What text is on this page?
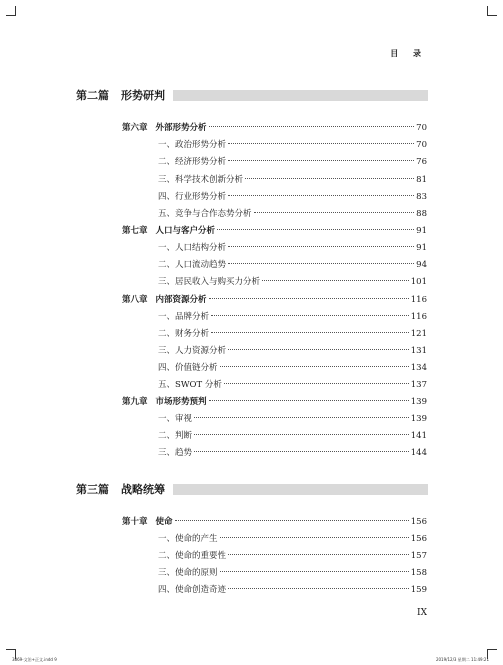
目 录
第二篇 形势研判
第六章 外部形势分析	70
一、政治形势分析	70
二、经济形势分析	76
三、科学技术创新分析	81
四、行业形势分析	83
五、竞争与合作态势分析	88
第七章 人口与客户分析	91
一、人口结构分析	91
二、人口流动趋势	94
三、居民收入与购买力分析	101
第八章 内部资源分析	116
一、品牌分析	116
二、财务分析	121
三、人力资源分析	131
四、价值链分析	134
五、SWOT 分析	137
第九章 市场形势预判	139
一、审视	139
二、判断	141
三、趋势	144
第三篇 战略统筹
第十章 使命	156
一、使命的产生	156
二、使命的重要性	157
三、使命的原则	158
四、使命创造奇迹	159
IX
3869-文治+正文.indd 9	2019/12/3 星期二 11:49:21
